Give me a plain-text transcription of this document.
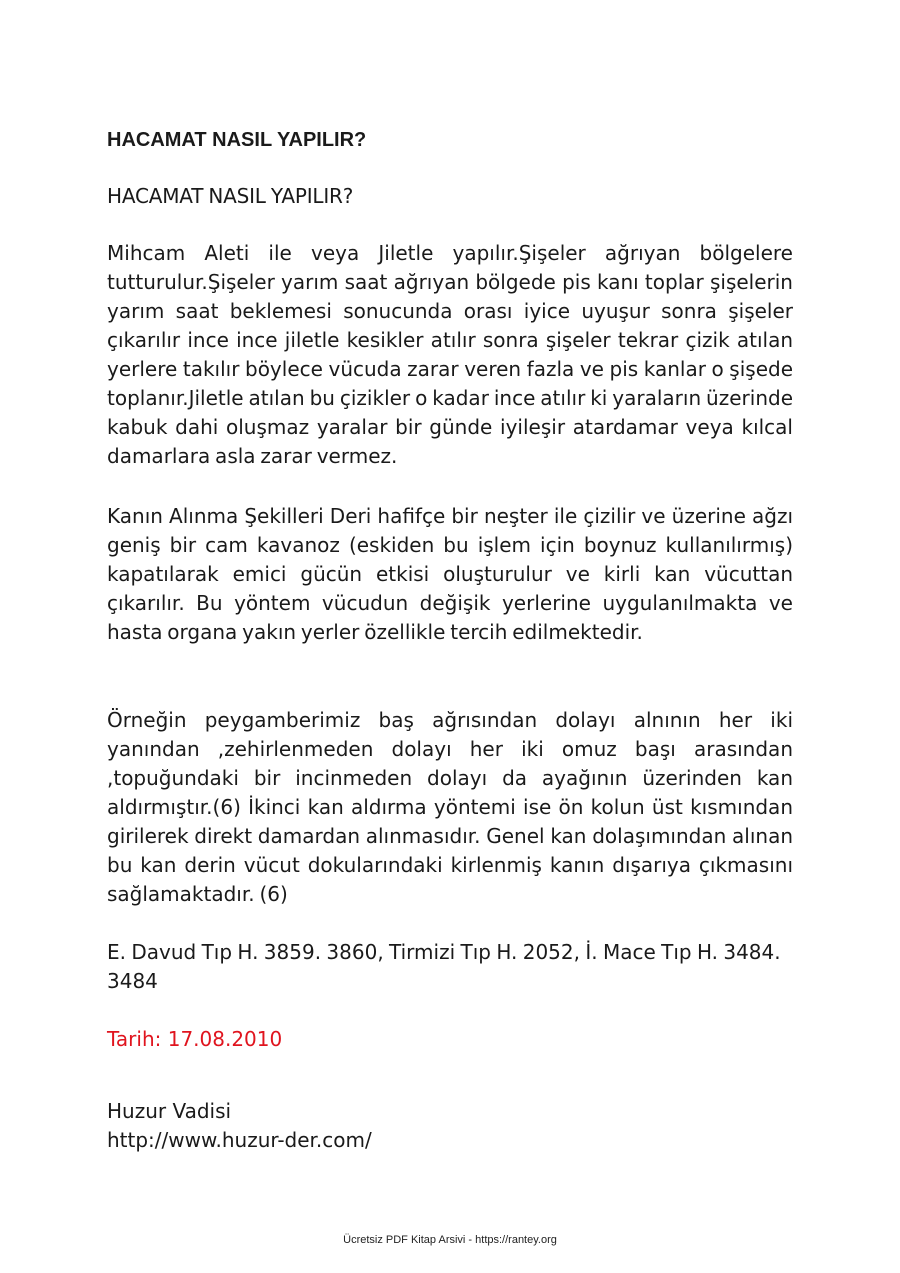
HACAMAT NASIL YAPILIR?

HACAMAT NASIL YAPILIR?

Mihcam Aleti ile veya Jiletle yapılır.Şişeler ağrıyan bölgelere tutturulur.Şişeler yarım saat ağrıyan bölgede pis kanı toplar şişelerin yarım saat beklemesi sonucunda orası iyice uyuşur sonra şişeler çıkarılır ince ince jiletle kesikler atılır sonra şişeler tekrar çizik atılan yerlere takılır böylece vücuda zarar veren fazla ve pis kanlar o şişede toplanır.Jiletle atılan bu çizikler o kadar ince atılır ki yaraların üzerinde kabuk dahi oluşmaz yaralar bir günde iyileşir atardamar veya kılcal damarlara asla zarar vermez.

Kanın Alınma Şekilleri Deri hafifçe bir neşter ile çizilir ve üzerine ağzı geniş bir cam kavanoz (eskiden bu işlem için boynuz kullanılırmış) kapatılarak emici gücün etkisi oluşturulur ve kirli kan vücuttan çıkarılır. Bu yöntem vücudun değişik yerlerine uygulanılmakta ve hasta organa yakın yerler özellikle tercih edilmektedir.

Örneğin peygamberimiz baş ağrısından dolayı alnının her iki yanından ,zehirlenmeden dolayı her iki omuz başı arasından ,topuğundaki bir incinmeden dolayı da ayağının üzerinden kan aldırmıştır.(6) İkinci kan aldırma yöntemi ise ön kolun üst kısmından girilerek direkt damardan alınmasıdır. Genel kan dolaşımından alınan bu kan derin vücut dokularındaki kirlenmiş kanın dışarıya çıkmasını sağlamaktadır. (6)

E. Davud Tıp H. 3859. 3860, Tirmizi Tıp H. 2052, İ. Mace Tıp H. 3484. 3484

Tarih: 17.08.2010

Huzur Vadisi
http://www.huzur-der.com/

Ücretsiz PDF Kitap Arsivi - https://rantey.org
